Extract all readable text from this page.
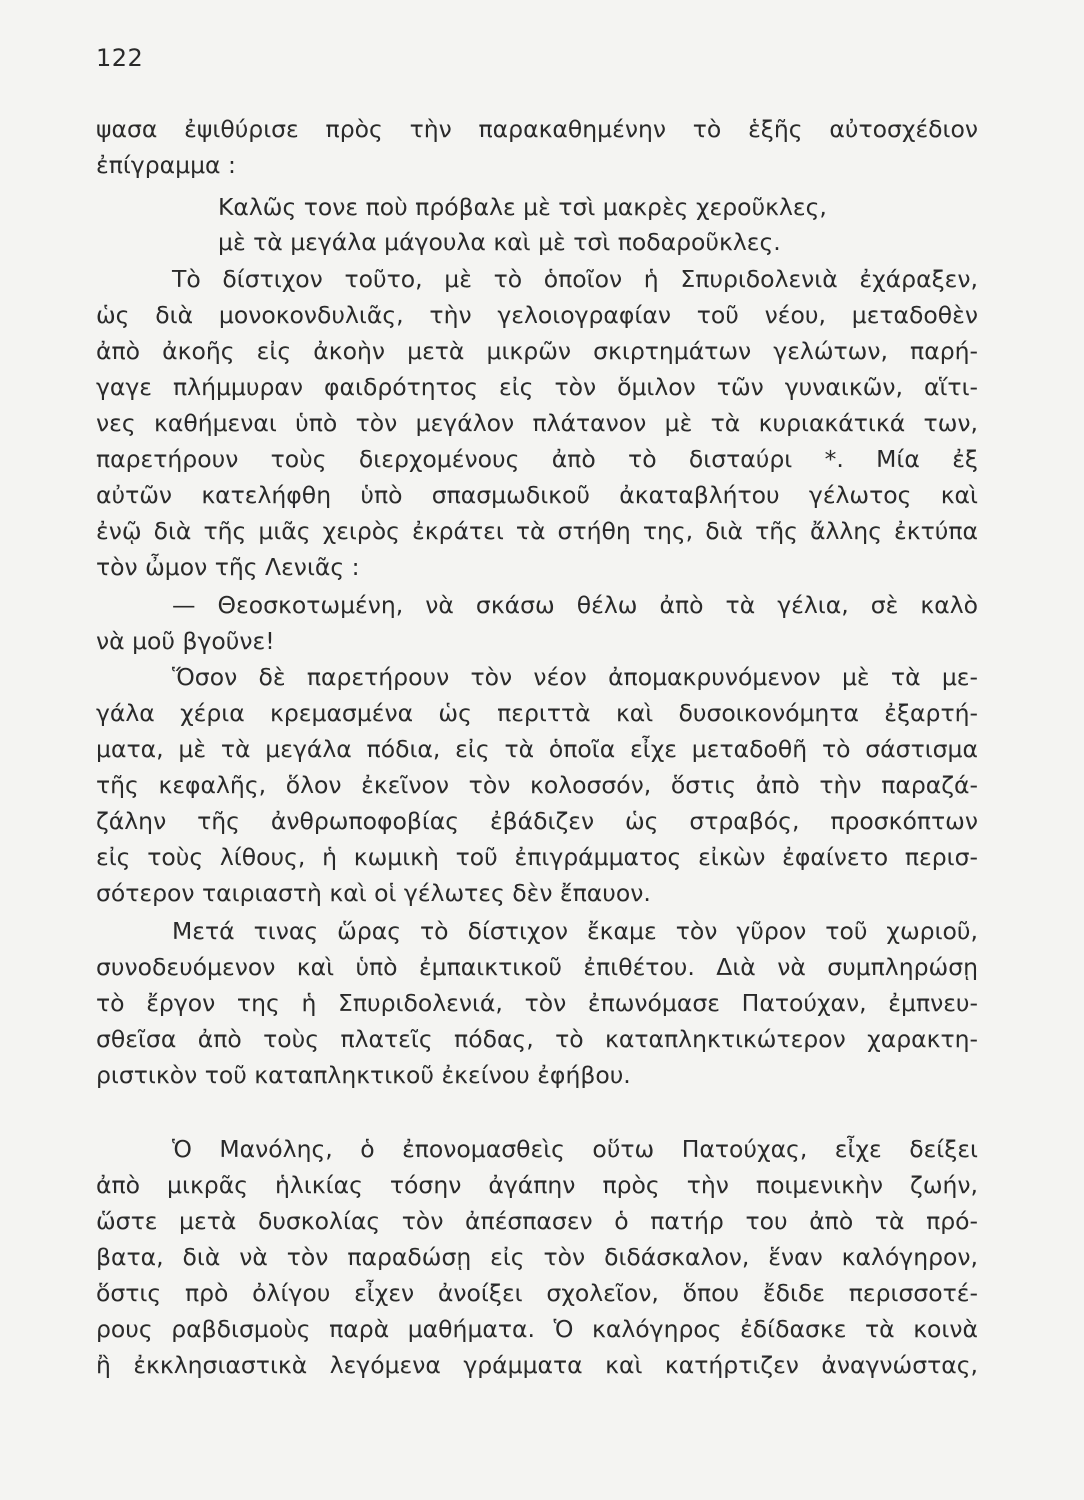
122
ψασα ἐψιθύρισε πρὸς τὴν παρακαθημένην τὸ ἑξῆς αὐτοσχέδιον
ἐπίγραμμα :
Καλῶς τονε ποὺ πρόβαλε μὲ τσὶ μακρὲς χεροῦκλες,
μὲ τὰ μεγάλα μάγουλα καὶ μὲ τσὶ ποδαροῦκλες.
Τὸ δίστιχον τοῦτο, μὲ τὸ ὁποῖον ἡ Σπυριδολενιὰ ἐχάραξεν,
ὡς διὰ μονοκονδυλιᾶς, τὴν γελοιογραφίαν τοῦ νέου, μεταδοθὲν
ἀπὸ ἀκοῆς εἰς ἀκοὴν μετὰ μικρῶν σκιρτημάτων γελώτων, παρή-
γαγε πλήμμυραν φαιδρότητος εἰς τὸν ὅμιλον τῶν γυναικῶν, αἵτι-
νες καθήμεναι ὑπὸ τὸν μεγάλον πλάτανον μὲ τὰ κυριακάτικά των,
παρετήρουν τοὺς διερχομένους ἀπὸ τὸ δισταύρι *. Μία ἐξ
αὐτῶν κατελήφθη ὑπὸ σπασμωδικοῦ ἀκαταβλήτου γέλωτος καὶ
ἐνῷ διὰ τῆς μιᾶς χειρὸς ἐκράτει τὰ στήθη της, διὰ τῆς ἄλλης ἐκτύπα
τὸν ὦμον τῆς Λενιᾶς :
— Θεοσκοτωμένη, νὰ σκάσω θέλω ἀπὸ τὰ γέλια, σὲ καλὸ
νὰ μοῦ βγοῦνε!
Ὅσον δὲ παρετήρουν τὸν νέον ἀπομακρυνόμενον μὲ τὰ με-
γάλα χέρια κρεμασμένα ὡς περιττὰ καὶ δυσοικονόμητα ἐξαρτή-
ματα, μὲ τὰ μεγάλα πόδια, εἰς τὰ ὁποῖα εἶχε μεταδοθῆ τὸ σάστισμα
τῆς κεφαλῆς, ὅλον ἐκεῖνον τὸν κολοσσόν, ὅστις ἀπὸ τὴν παραζά-
ζάλην τῆς ἀνθρωποφοβίας ἐβάδιζεν ὡς στραβός, προσκόπτων
εἰς τοὺς λίθους, ἡ κωμικὴ τοῦ ἐπιγράμματος εἰκὼν ἐφαίνετο περισ-
σότερον ταιριαστὴ καὶ οἱ γέλωτες δὲν ἔπαυον.
Μετά τινας ὥρας τὸ δίστιχον ἔκαμε τὸν γῦρον τοῦ χωριοῦ,
συνοδευόμενον καὶ ὑπὸ ἐμπαικτικοῦ ἐπιθέτου. Διὰ νὰ συμπληρώσῃ
τὸ ἔργον της ἡ Σπυριδολενιά, τὸν ἐπωνόμασε Πατούχαν, ἐμπνευ-
σθεῖσα ἀπὸ τοὺς πλατεῖς πόδας, τὸ καταπληκτικώτερον χαρακτη-
ριστικὸν τοῦ καταπληκτικοῦ ἐκείνου ἐφήβου.
Ὁ Μανόλης, ὁ ἐπονομασθεὶς οὕτω Πατούχας, εἶχε δείξει
ἀπὸ μικρᾶς ἡλικίας τόσην ἀγάπην πρὸς τὴν ποιμενικὴν ζωήν,
ὥστε μετὰ δυσκολίας τὸν ἀπέσπασεν ὁ πατήρ του ἀπὸ τὰ πρό-
βατα, διὰ νὰ τὸν παραδώσῃ εἰς τὸν διδάσκαλον, ἕναν καλόγηρον,
ὅστις πρὸ ὀλίγου εἶχεν ἀνοίξει σχολεῖον, ὅπου ἔδιδε περισσοτέ-
ρους ραβδισμοὺς παρὰ μαθήματα. Ὁ καλόγηρος ἐδίδασκε τὰ κοινὰ
ἢ ἐκκλησιαστικὰ λεγόμενα γράμματα καὶ κατήρτιζεν ἀναγνώστας,
